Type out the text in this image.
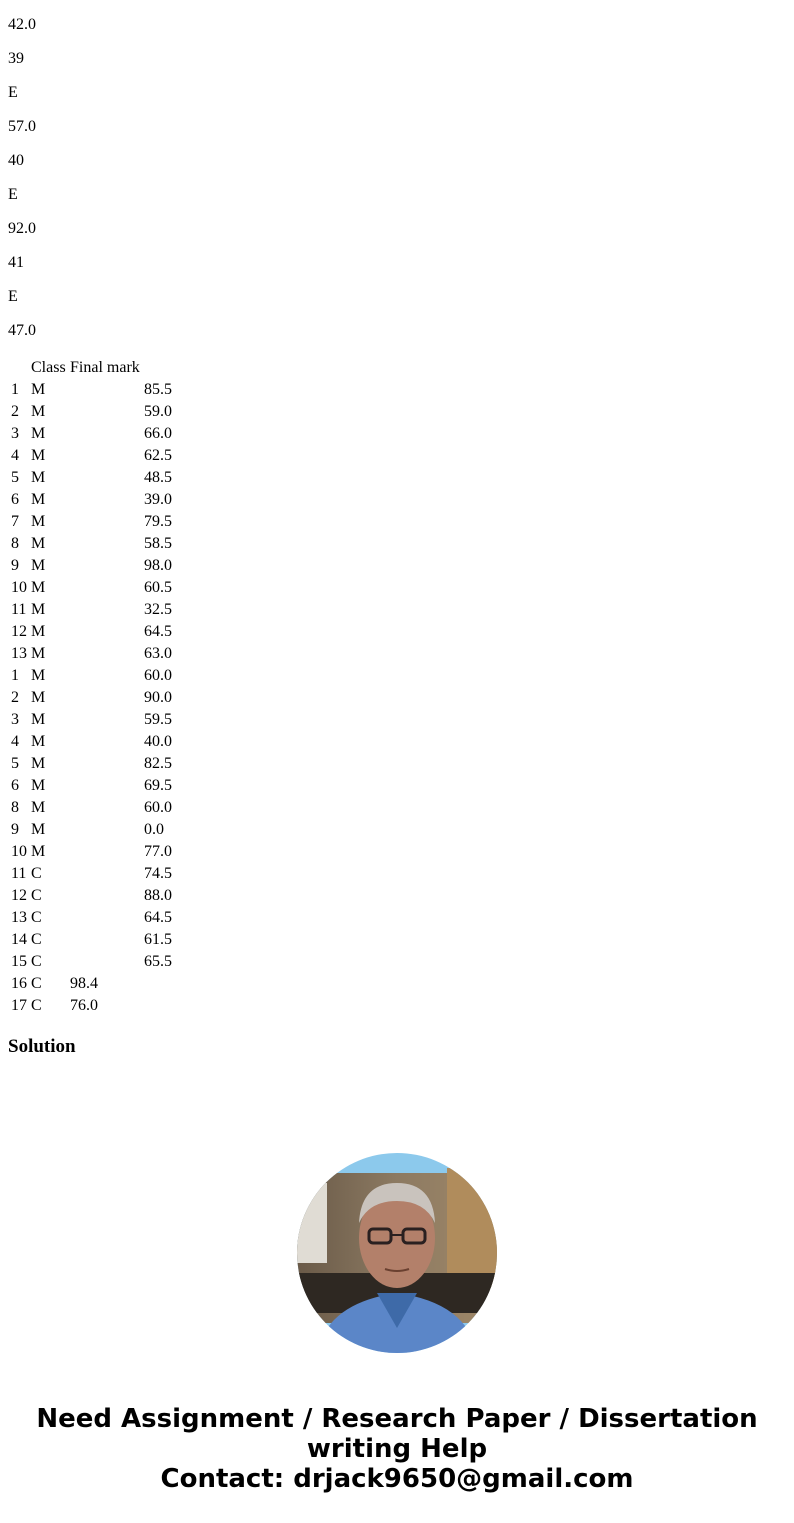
42.0

39

E

57.0

40

E

92.0

41

E

47.0

	Class	Final mark	
1	M		85.5
2	M		59.0
3	M		66.0
4	M		62.5
5	M		48.5
6	M		39.0
7	M		79.5
8	M		58.5
9	M		98.0
10	M		60.5
11	M		32.5
12	M		64.5
13	M		63.0
1	M		60.0
2	M		90.0
3	M		59.5
4	M		40.0
5	M		82.5
6	M		69.5
8	M		60.0
9	M		0.0
10	M		77.0
11	C		74.5
12	C		88.0
13	C		64.5
14	C		61.5
15	C		65.5
16	C	98.4	
17	C	76.0	
Solution
Need Assignment / Research Paper / Dissertation
writing Help
Contact: drjack9650@gmail.com
